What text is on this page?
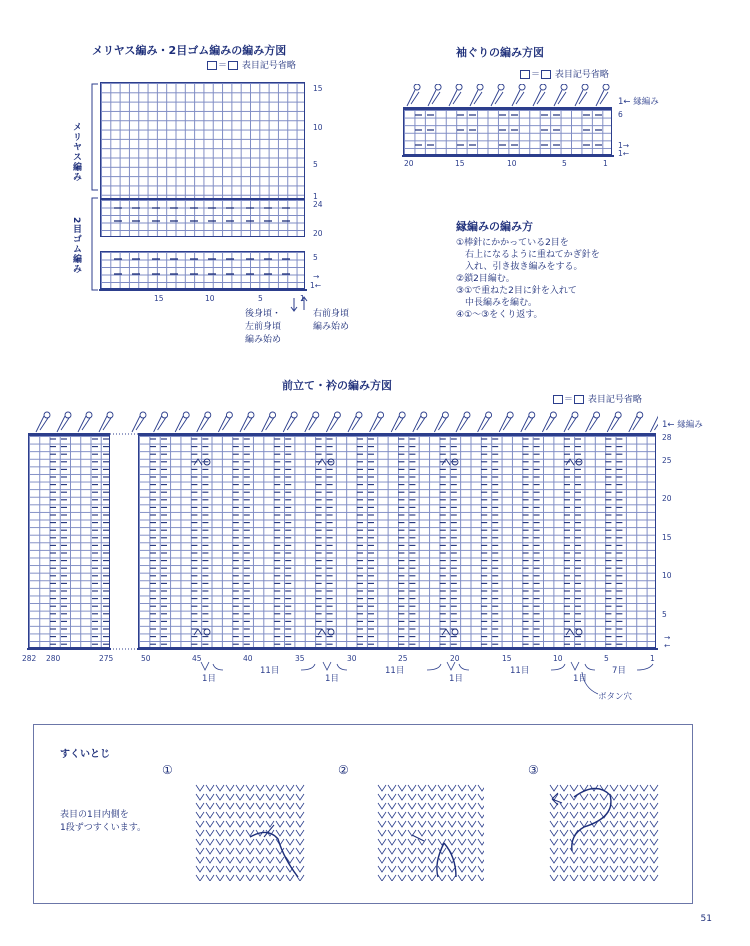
メリヤス編み・2目ゴム編みの編み方図
＝ 表目記号省略
メリヤス編み
2目ゴム編み
15
10
5
1
24
20
5
→
1←
15	10	5	1
後身頃・
左前身頃
編み始め
右前身頃
編み始め
袖ぐりの編み方図
＝ 表目記号省略
1← 縁編み
6
1→
1←
20	15	10	5	1
縁編みの編み方
①棒針にかかっている2目を
　右上になるように重ねてかぎ針を
　入れ、引き抜き編みをする。
②鎖2目編む。
③①で重ねた2目に針を入れて
　中長編みを編む。
④①～③をくり返す。
前立て・衿の編み方図
＝ 表目記号省略
1← 縁編み
28
25
20
15
10
5
→
←
282 280	275	50	45	40	35	30	25	20	15	10	5	1
1目
11目
1目
11目
1目
11目
1目
7目
ボタン穴
すくいとじ
表目の1目内側を
1段ずつすくいます。
①	②	③
51
